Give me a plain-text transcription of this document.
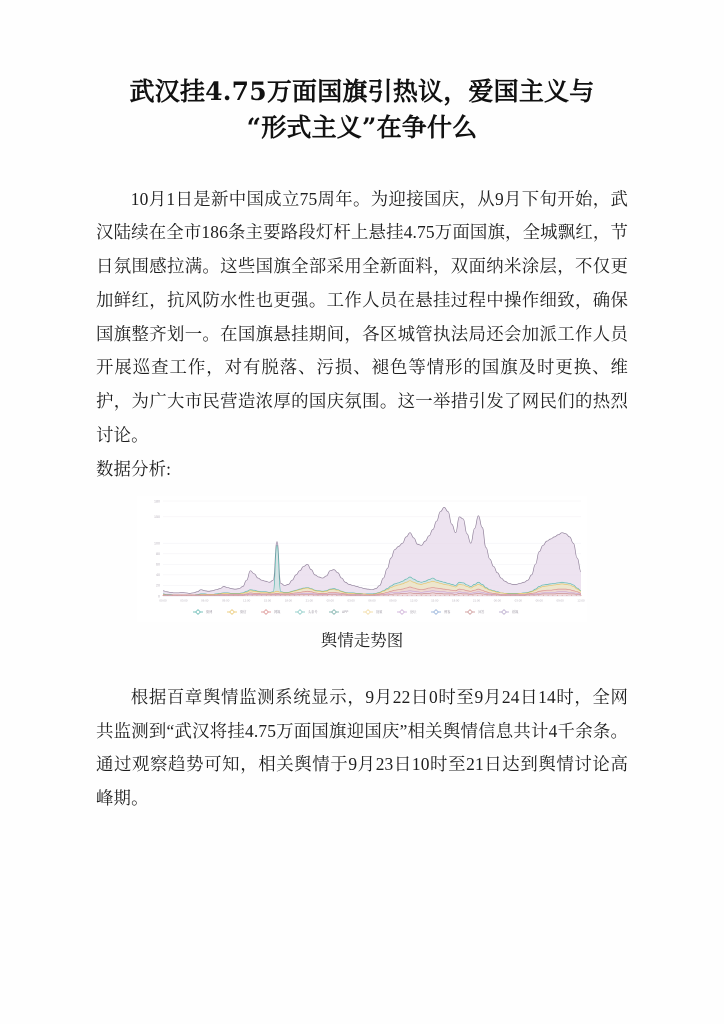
武汉挂4.75万面国旗引热议，爱国主义与
“形式主义”在争什么

10月1日是新中国成立75周年。为迎接国庆，从9月下旬开始，武汉陆续在全市186条主要路段灯杆上悬挂4.75万面国旗，全城飘红，节日氛围感拉满。这些国旗全部采用全新面料，双面纳米涂层，不仅更加鲜红，抗风防水性也更强。工作人员在悬挂过程中操作细致，确保国旗整齐划一。在国旗悬挂期间，各区城管执法局还会加派工作人员开展巡查工作，对有脱落、污损、褪色等情形的国旗及时更换、维护，为广大市民营造浓厚的国庆氛围。这一举措引发了网民们的热烈讨论。

数据分析:

0
20
40
60
80
100
150
180
00:00	03:00	06:00	09:00	12:00	15:00	18:00	21:00	00:00	03:00	06:00	09:00	12:00	15:00	18:00	21:00	00:00	03:00	06:00	09:00	12:00
微博	微信	网媒	头条号	APP	视频	论坛	博客	问答	纸媒
舆情走势图

根据百章舆情监测系统显示，9月22日0时至9月24日14时，全网共监测到“武汉将挂4.75万面国旗迎国庆”相关舆情信息共计4千余条。通过观察趋势可知，相关舆情于9月23日10时至21日达到舆情讨论高峰期。
